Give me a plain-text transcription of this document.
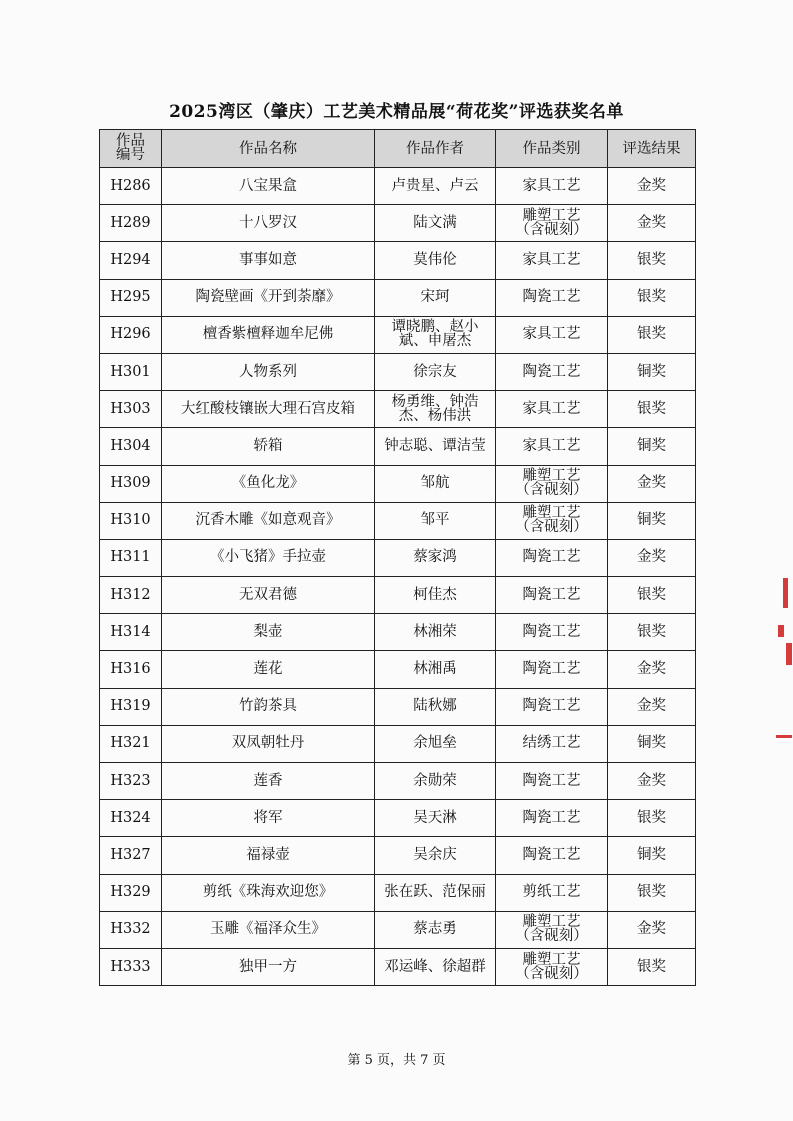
2025湾区（肇庆）工艺美术精品展“荷花奖”评选获奖名单
作品编号	作品名称	作品作者	作品类别	评选结果
H286	八宝果盒	卢贵星、卢云	家具工艺	金奖
H289	十八罗汉	陆文满	雕塑工艺（含砚刻）	金奖
H294	事事如意	莫伟伦	家具工艺	银奖
H295	陶瓷壁画《开到荼靡》	宋珂	陶瓷工艺	银奖
H296	檀香紫檀释迦牟尼佛	谭晓鹏、赵小斌、申屠杰	家具工艺	银奖
H301	人物系列	徐宗友	陶瓷工艺	铜奖
H303	大红酸枝镶嵌大理石宫皮箱	杨勇维、钟浩杰、杨伟洪	家具工艺	银奖
H304	轿箱	钟志聪、谭洁莹	家具工艺	铜奖
H309	《鱼化龙》	邹航	雕塑工艺（含砚刻）	金奖
H310	沉香木雕《如意观音》	邹平	雕塑工艺（含砚刻）	铜奖
H311	《小飞猪》手拉壶	蔡家鸿	陶瓷工艺	金奖
H312	无双君德	柯佳杰	陶瓷工艺	银奖
H314	梨壶	林湘荣	陶瓷工艺	银奖
H316	莲花	林湘禹	陶瓷工艺	金奖
H319	竹韵茶具	陆秋娜	陶瓷工艺	金奖
H321	双凤朝牡丹	余旭垒	结绣工艺	铜奖
H323	莲香	余勋荣	陶瓷工艺	金奖
H324	将军	吴天淋	陶瓷工艺	银奖
H327	福禄壶	吴余庆	陶瓷工艺	铜奖
H329	剪纸《珠海欢迎您》	张在跃、范保丽	剪纸工艺	银奖
H332	玉雕《福泽众生》	蔡志勇	雕塑工艺（含砚刻）	金奖
H333	独甲一方	邓运峰、徐超群	雕塑工艺（含砚刻）	银奖
第 5 页，共 7 页
